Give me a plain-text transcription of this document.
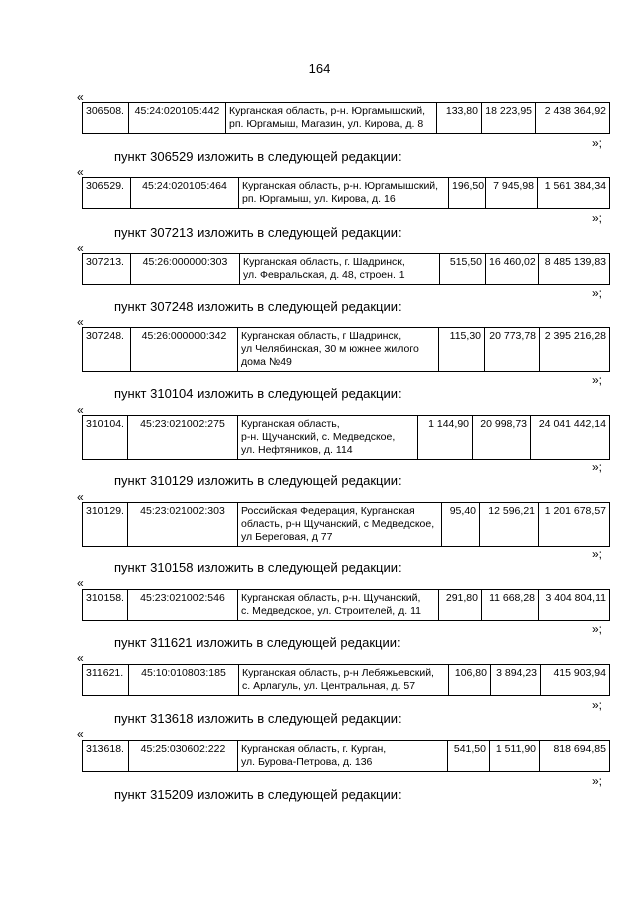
164
«
306508.	45:24:020105:442	Курганская область, р-н. Юргамышский,
рп. Юргамыш, Магазин, ул. Кирова, д. 8
	133,80	18 223,95	2 438 364,92
»;
пункт 306529 изложить в следующей редакции:
«
306529.	45:24:020105:464	Курганская область, р-н. Юргамышский,
рп. Юргамыш, ул. Кирова, д. 16
	196,50	7 945,98	1 561 384,34
»;
пункт 307213 изложить в следующей редакции:
«
307213.	45:26:000000:303	Курганская область, г. Шадринск,
ул. Февральская, д. 48, строен. 1
	515,50	16 460,02	8 485 139,83
»;
пункт 307248 изложить в следующей редакции:
«
307248.	45:26:000000:342	Курганская область, г Шадринск,
ул Челябинская, 30 м южнее жилого
дома №49
	115,30	20 773,78	2 395 216,28
»;
пункт 310104 изложить в следующей редакции:
«
310104.	45:23:021002:275	Курганская область,
р-н. Щучанский, с. Медведское,
ул. Нефтяников, д. 114
	1 144,90	20 998,73	24 041 442,14
»;
пункт 310129 изложить в следующей редакции:
«
310129.	45:23:021002:303	Российская Федерация, Курганская
область, р-н Щучанский, с Медведское,
ул Береговая, д 77
	95,40	12 596,21	1 201 678,57
»;
пункт 310158 изложить в следующей редакции:
«
310158.	45:23:021002:546	Курганская область, р-н. Щучанский,
с. Медведское, ул. Строителей, д. 11
	291,80	11 668,28	3 404 804,11
»;
пункт 311621 изложить в следующей редакции:
«
311621.	45:10:010803:185	Курганская область, р-н Лебяжьевский,
с. Арлагуль, ул. Центральная, д. 57
	106,80	3 894,23	415 903,94
»;
пункт 313618 изложить в следующей редакции:
«
313618.	45:25:030602:222	Курганская область, г. Курган,
ул. Бурова-Петрова, д. 136
	541,50	1 511,90	818 694,85
»;
пункт 315209 изложить в следующей редакции:
